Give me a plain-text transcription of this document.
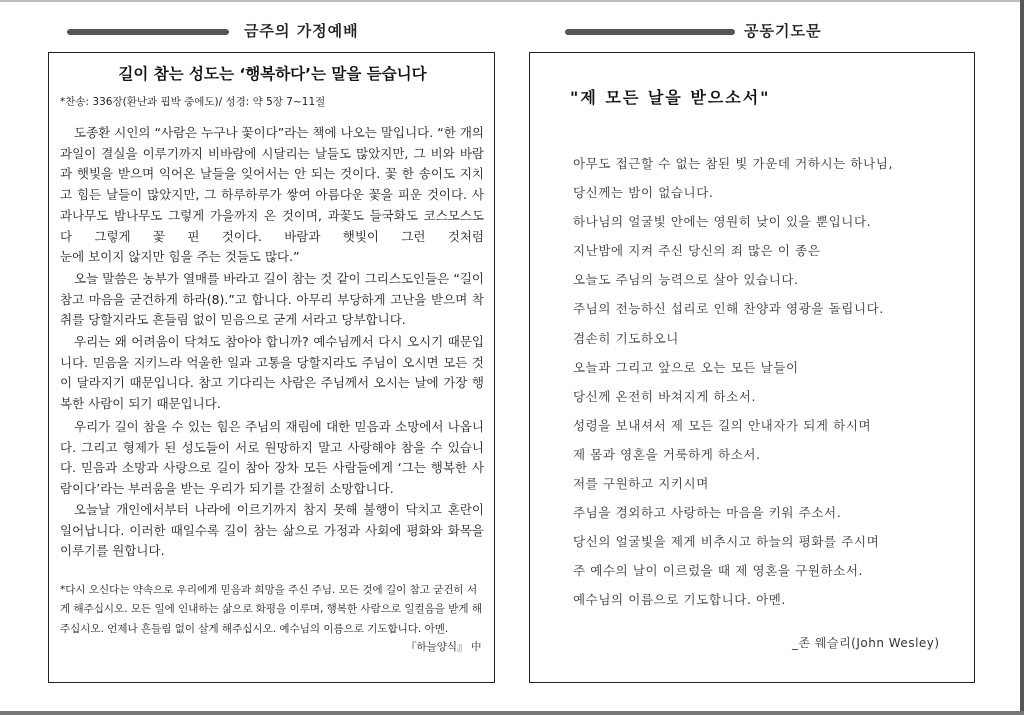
금주의 가정예배	공동기도문
길이 참는 성도는 ‘행복하다’는 말을 듣습니다
*찬송: 336장(환난과 핍박 중에도)/ 성경: 약 5장 7~11절
도종환 시인의 “사람은 누구나 꽃이다”라는 책에 나오는 말입니다. “한 개의 과일이 결실을 이루기까지 비바람에 시달리는 날들도 많았지만, 그 비와 바람과 햇빛을 받으며 익어온 날들을 잊어서는 안 되는 것이다. 꽃 한 송이도 지치고 힘든 날들이 많았지만, 그 하루하루가 쌓여 아름다운 꽃을 피운 것이다. 사과나무도 밤나무도 그렇게 가을까지 온 것이며, 과꽃도 들국화도 코스모스도 다 그렇게 꽃 핀 것이다. 바람과 햇빛이 그런 것처럼
눈에 보이지 않지만 힘을 주는 것들도 많다.”
오늘 말씀은 농부가 열매를 바라고 길이 참는 것 같이 그리스도인들은 “길이 참고 마음을 굳건하게 하라(8).”고 합니다. 아무리 부당하게 고난을 받으며 착취를 당할지라도 흔들림 없이 믿음으로 굳게 서라고 당부합니다.
우리는 왜 어려움이 닥쳐도 참아야 합니까? 예수님께서 다시 오시기 때문입니다. 믿음을 지키느라 억울한 일과 고통을 당할지라도 주님이 오시면 모든 것이 달라지기 때문입니다. 참고 기다리는 사람은 주님께서 오시는 날에 가장 행복한 사람이 되기 때문입니다.
우리가 길이 참을 수 있는 힘은 주님의 재림에 대한 믿음과 소망에서 나옵니다. 그리고 형제가 된 성도들이 서로 원망하지 말고 사랑해야 참을 수 있습니다. 믿음과 소망과 사랑으로 길이 참아 장차 모든 사람들에게 ‘그는 행복한 사람이다’라는 부러움을 받는 우리가 되기를 간절히 소망합니다.
오늘날 개인에서부터 나라에 이르기까지 참지 못해 불행이 닥치고 혼란이 일어납니다. 이러한 때일수록 길이 참는 삶으로 가정과 사회에 평화와 화목을 이루기를 원합니다.
*다시 오신다는 약속으로 우리에게 믿음과 희망을 주신 주님. 모든 것에 길이 참고 굳건히 서게 해주십시오. 모든 일에 인내하는 삶으로 화평을 이루며, 행복한 사람으로 일컬음을 받게 해주십시오. 언제나 흔들림 없이 살게 해주십시오. 예수님의 이름으로 기도합니다. 아멘.
『하늘양식』 中
"제 모든 날을 받으소서"
아무도 접근할 수 없는 참된 빛 가운데 거하시는 하나님,
당신께는 밤이 없습니다.
하나님의 얼굴빛 안에는 영원히 낮이 있을 뿐입니다.
지난밤에 지켜 주신 당신의 죄 많은 이 종은
오늘도 주님의 능력으로 살아 있습니다.
주님의 전능하신 섭리로 인해 찬양과 영광을 돌립니다.
겸손히 기도하오니
오늘과 그리고 앞으로 오는 모든 날들이
당신께 온전히 바쳐지게 하소서.
성령을 보내셔서 제 모든 길의 안내자가 되게 하시며
제 몸과 영혼을 거룩하게 하소서.
저를 구원하고 지키시며
주님을 경외하고 사랑하는 마음을 키워 주소서.
당신의 얼굴빛을 제게 비추시고 하늘의 평화를 주시며
주 예수의 날이 이르렀을 때 제 영혼을 구원하소서.
예수님의 이름으로 기도합니다. 아멘.
_존 웨슬리(John Wesley)
